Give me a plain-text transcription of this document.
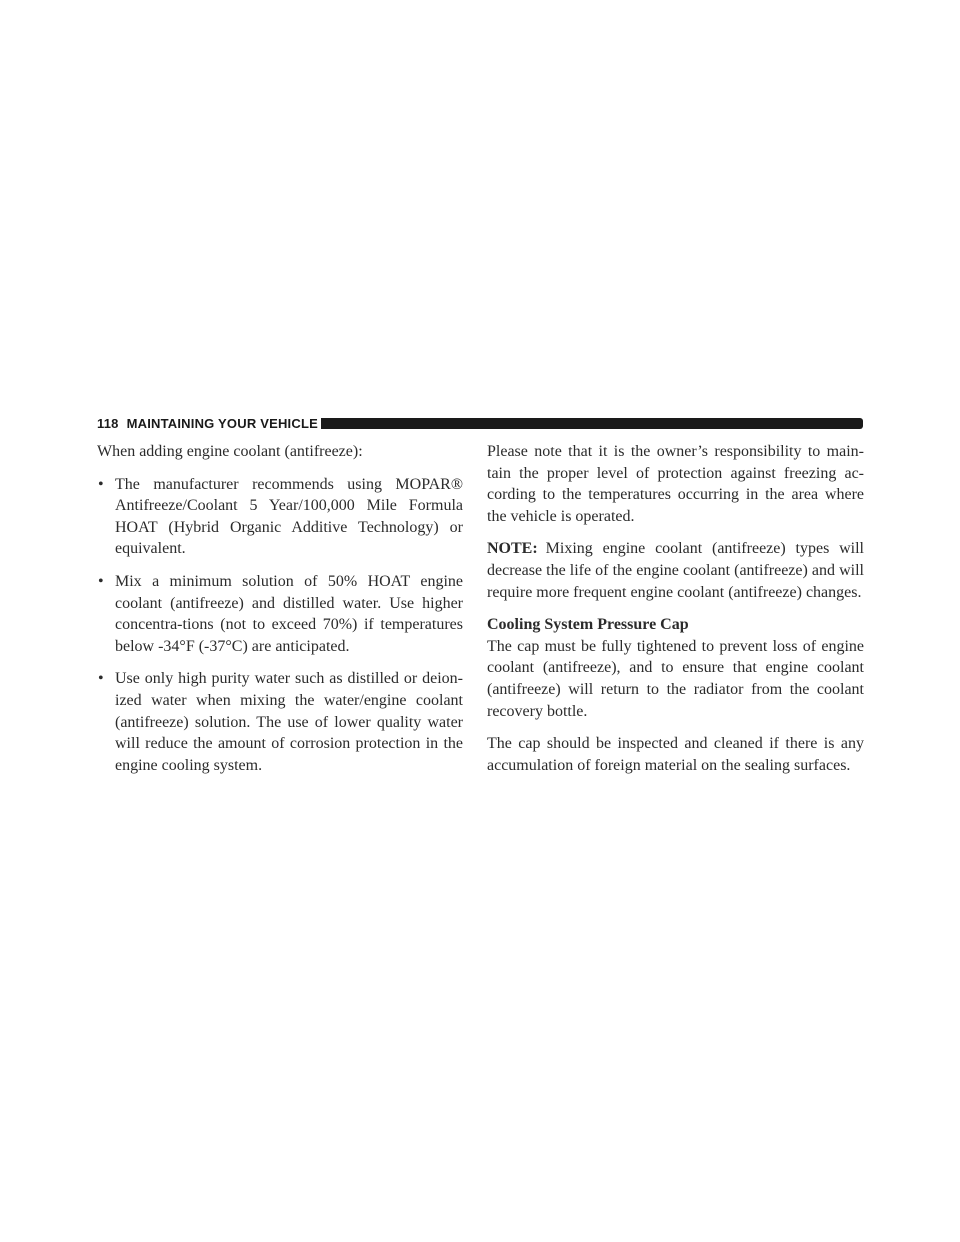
118 MAINTAINING YOUR VEHICLE

When adding engine coolant (antifreeze):

• The manufacturer recommends using MOPAR® Antifreeze/Coolant 5 Year/100,000 Mile Formula HOAT (Hybrid Organic Additive Technology) or equivalent.
• Mix a minimum solution of 50% HOAT engine coolant (antifreeze) and distilled water. Use higher concentra-tions (not to exceed 70%) if temperatures below -34°F (-37°C) are anticipated.
• Use only high purity water such as distilled or deion-ized water when mixing the water/engine coolant (antifreeze) solution. The use of lower quality water will reduce the amount of corrosion protection in the engine cooling system.

Please note that it is the owner’s responsibility to main-tain the proper level of protection against freezing ac-cording to the temperatures occurring in the area where the vehicle is operated.

NOTE: Mixing engine coolant (antifreeze) types will decrease the life of the engine coolant (antifreeze) and will require more frequent engine coolant (antifreeze) changes.

Cooling System Pressure Cap

The cap must be fully tightened to prevent loss of engine coolant (antifreeze), and to ensure that engine coolant (antifreeze) will return to the radiator from the coolant recovery bottle.

The cap should be inspected and cleaned if there is any accumulation of foreign material on the sealing surfaces.
